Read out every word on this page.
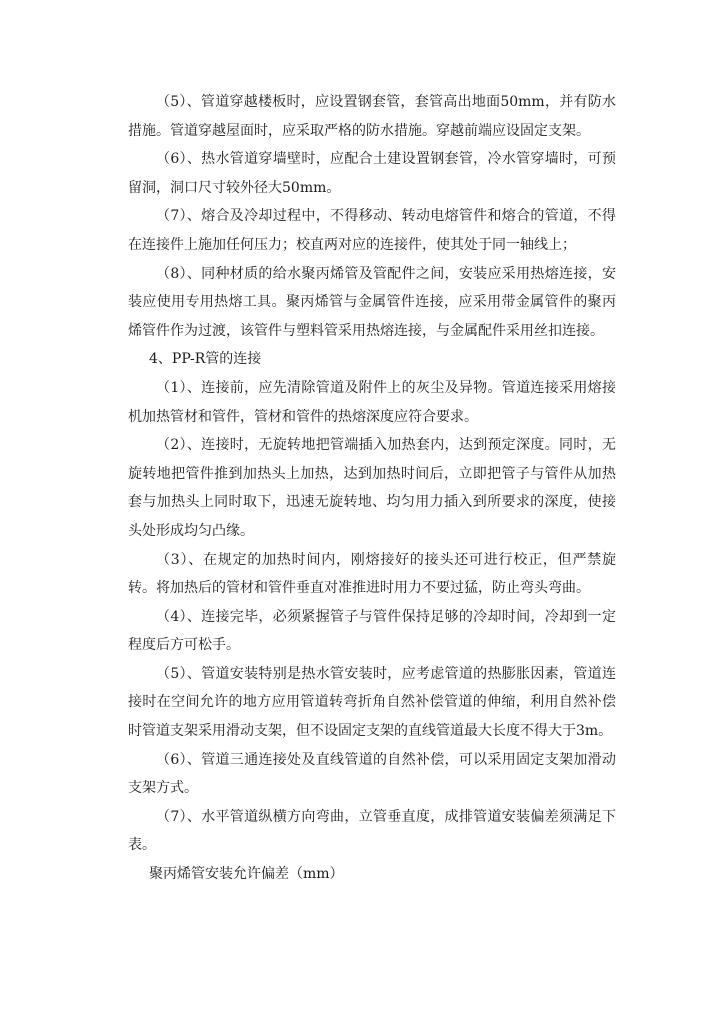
（5）、管道穿越楼板时，应设置钢套管，套管高出地面50mm，并有防水措施。管道穿越屋面时，应采取严格的防水措施。穿越前端应设固定支架。

（6）、热水管道穿墙壁时，应配合土建设置钢套管，冷水管穿墙时，可预留洞，洞口尺寸较外径大50mm。

（7）、熔合及冷却过程中，不得移动、转动电熔管件和熔合的管道，不得在连接件上施加任何压力；校直两对应的连接件，使其处于同一轴线上；

（8）、同种材质的给水聚丙烯管及管配件之间，安装应采用热熔连接，安装应使用专用热熔工具。聚丙烯管与金属管件连接，应采用带金属管件的聚丙烯管件作为过渡，该管件与塑料管采用热熔连接，与金属配件采用丝扣连接。

4、PP-R管的连接

（1）、连接前，应先清除管道及附件上的灰尘及异物。管道连接采用熔接机加热管材和管件，管材和管件的热熔深度应符合要求。

（2）、连接时，无旋转地把管端插入加热套内，达到预定深度。同时，无旋转地把管件推到加热头上加热，达到加热时间后，立即把管子与管件从加热套与加热头上同时取下，迅速无旋转地、均匀用力插入到所要求的深度，使接头处形成均匀凸缘。

（3）、在规定的加热时间内，刚熔接好的接头还可进行校正，但严禁旋转。将加热后的管材和管件垂直对准推进时用力不要过猛，防止弯头弯曲。

（4）、连接完毕，必须紧握管子与管件保持足够的冷却时间，冷却到一定程度后方可松手。

（5）、管道安装特别是热水管安装时，应考虑管道的热膨胀因素，管道连接时在空间允许的地方应用管道转弯折角自然补偿管道的伸缩，利用自然补偿时管道支架采用滑动支架，但不设固定支架的直线管道最大长度不得大于3m。

（6）、管道三通连接处及直线管道的自然补偿，可以采用固定支架加滑动支架方式。

（7）、水平管道纵横方向弯曲，立管垂直度，成排管道安装偏差须满足下表。

聚丙烯管安装允许偏差（mm）
